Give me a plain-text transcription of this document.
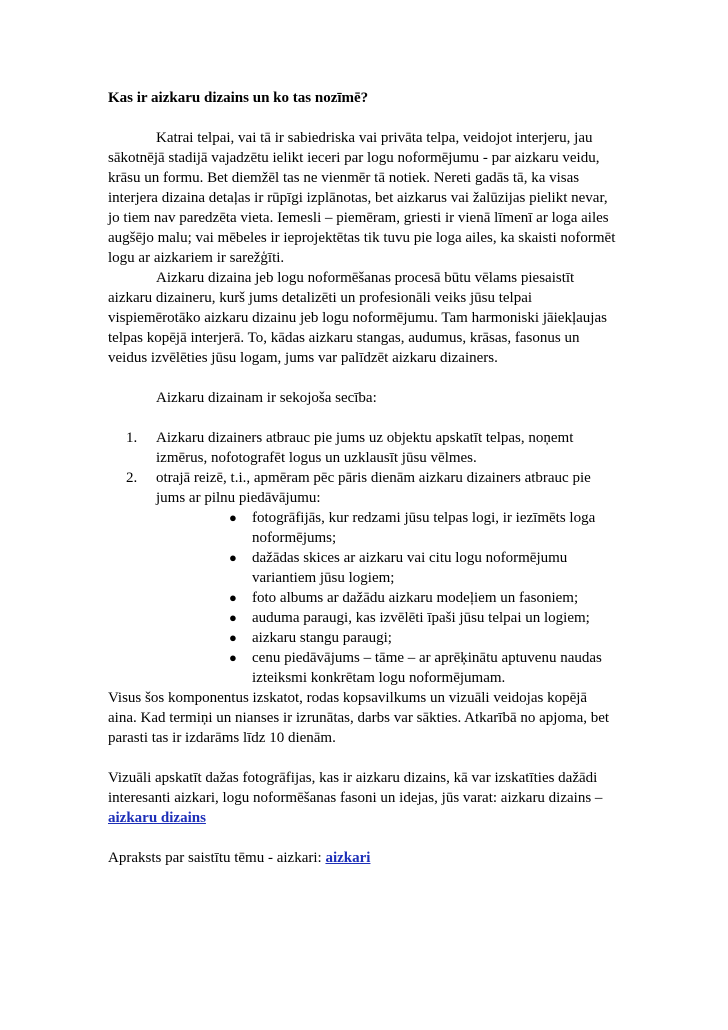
Kas ir aizkaru dizains un ko tas nozīmē?

Katrai telpai, vai tā ir sabiedriska vai privāta telpa, veidojot interjeru, jau sākotnējā stadijā vajadzētu ielikt ieceri par logu noformējumu - par aizkaru veidu, krāsu un formu. Bet diemžēl tas ne vienmēr tā notiek. Nereti gadās tā, ka visas interjera dizaina detaļas ir rūpīgi izplānotas, bet aizkarus vai žalūzijas pielikt nevar, jo tiem nav paredzēta vieta. Iemesli – piemēram, griesti ir vienā līmenī ar loga ailes augšējo malu; vai mēbeles ir ieprojektētas tik tuvu pie loga ailes, ka skaisti noformēt logu ar aizkariem ir sarežģīti.

Aizkaru dizaina jeb logu noformēšanas procesā būtu vēlams piesaistīt aizkaru dizaineru, kurš jums detalizēti un profesionāli veiks jūsu telpai vispiemērotāko aizkaru dizainu jeb logu noformējumu. Tam harmoniski jāiekļaujas telpas kopējā interjerā. To, kādas aizkaru stangas, audumus, krāsas, fasonus un veidus izvēlēties jūsu logam, jums var palīdzēt aizkaru dizainers.

Aizkaru dizainam ir sekojoša secība:

1. Aizkaru dizainers atbrauc pie jums uz objektu apskatīt telpas, noņemt izmērus, nofotografēt logus un uzklausīt jūsu vēlmes.
2. otrajā reizē, t.i., apmēram pēc pāris dienām aizkaru dizainers atbrauc pie jums ar pilnu piedāvājumu:
● fotogrāfijās, kur redzami jūsu telpas logi, ir iezīmēts loga noformējums;
● dažādas skices ar aizkaru vai citu logu noformējumu variantiem jūsu logiem;
● foto albums ar dažādu aizkaru modeļiem un fasoniem;
● auduma paraugi, kas izvēlēti īpaši jūsu telpai un logiem;
● aizkaru stangu paraugi;
● cenu piedāvājums – tāme – ar aprēķinātu aptuvenu naudas izteiksmi konkrētam logu noformējumam.

Visus šos komponentus izskatot, rodas kopsavilkums un vizuāli veidojas kopējā aina. Kad termiņi un nianses ir izrunātas, darbs var sākties. Atkarībā no apjoma, bet parasti tas ir izdarāms līdz 10 dienām.

Vizuāli apskatīt dažas fotogrāfijas, kas ir aizkaru dizains, kā var izskatīties dažādi interesanti aizkari, logu noformēšanas fasoni un idejas, jūs varat: aizkaru dizains –
aizkaru dizains

Apraksts par saistītu tēmu - aizkari: aizkari
